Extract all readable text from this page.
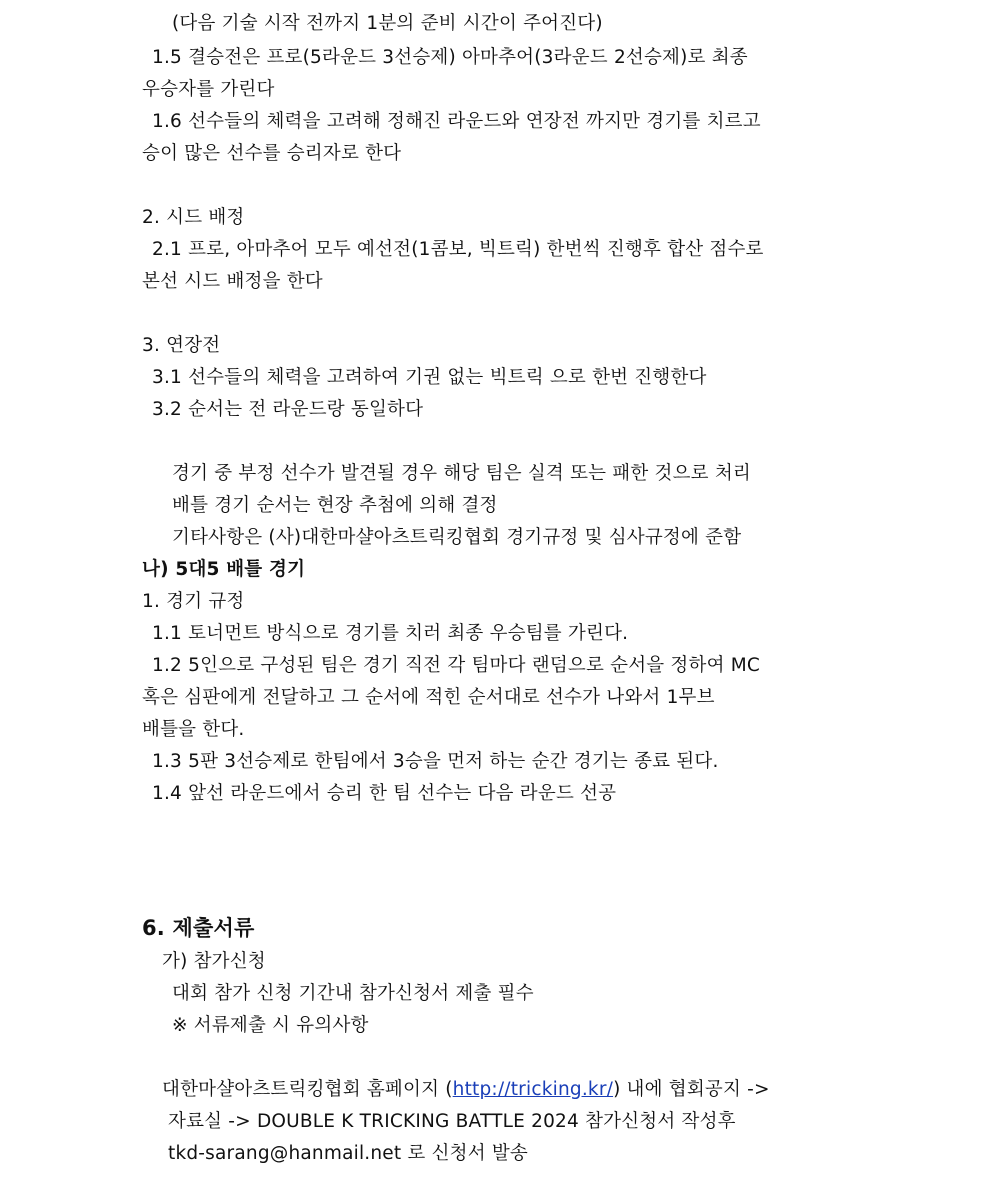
(다음 기술 시작 전까지 1분의 준비 시간이 주어진다)
1.5 결승전은 프로(5라운드 3선승제) 아마추어(3라운드 2선승제)로 최종
우승자를 가린다
1.6 선수들의 체력을 고려해 정해진 라운드와 연장전 까지만 경기를 치르고
승이 많은 선수를 승리자로 한다
2. 시드 배정
2.1 프로, 아마추어 모두 예선전(1콤보, 빅트릭) 한번씩 진행후 합산 점수로
본선 시드 배정을 한다
3. 연장전
3.1 선수들의 체력을 고려하여 기권 없는 빅트릭 으로 한번 진행한다
3.2 순서는 전 라운드랑 동일하다
경기 중 부정 선수가 발견될 경우 해당 팀은 실격 또는 패한 것으로 처리
배틀 경기 순서는 현장 추첨에 의해 결정
기타사항은 (사)대한마샬아츠트릭킹협회 경기규정 및 심사규정에 준함
나) 5대5 배틀 경기
1. 경기 규정
1.1 토너먼트 방식으로 경기를 치러 최종 우승팀를 가린다.
1.2 5인으로 구성된 팀은 경기 직전 각 팀마다 랜덤으로 순서을 정하여 MC
혹은 심판에게 전달하고 그 순서에 적힌 순서대로 선수가 나와서 1무브
배틀을 한다.
1.3 5판 3선승제로 한팀에서 3승을 먼저 하는 순간 경기는 종료 된다.
1.4 앞선 라운드에서 승리 한 팀 선수는 다음 라운드 선공
6. 제출서류
가) 참가신청
대회 참가 신청 기간내 참가신청서 제출 필수
※ 서류제출 시 유의사항
대한마샬아츠트릭킹협회 홈페이지 (http://tricking.kr/) 내에 협회공지 ->
자료실 -> DOUBLE K TRICKING BATTLE 2024 참가신청서 작성후
tkd-sarang@hanmail.net 로 신청서 발송
